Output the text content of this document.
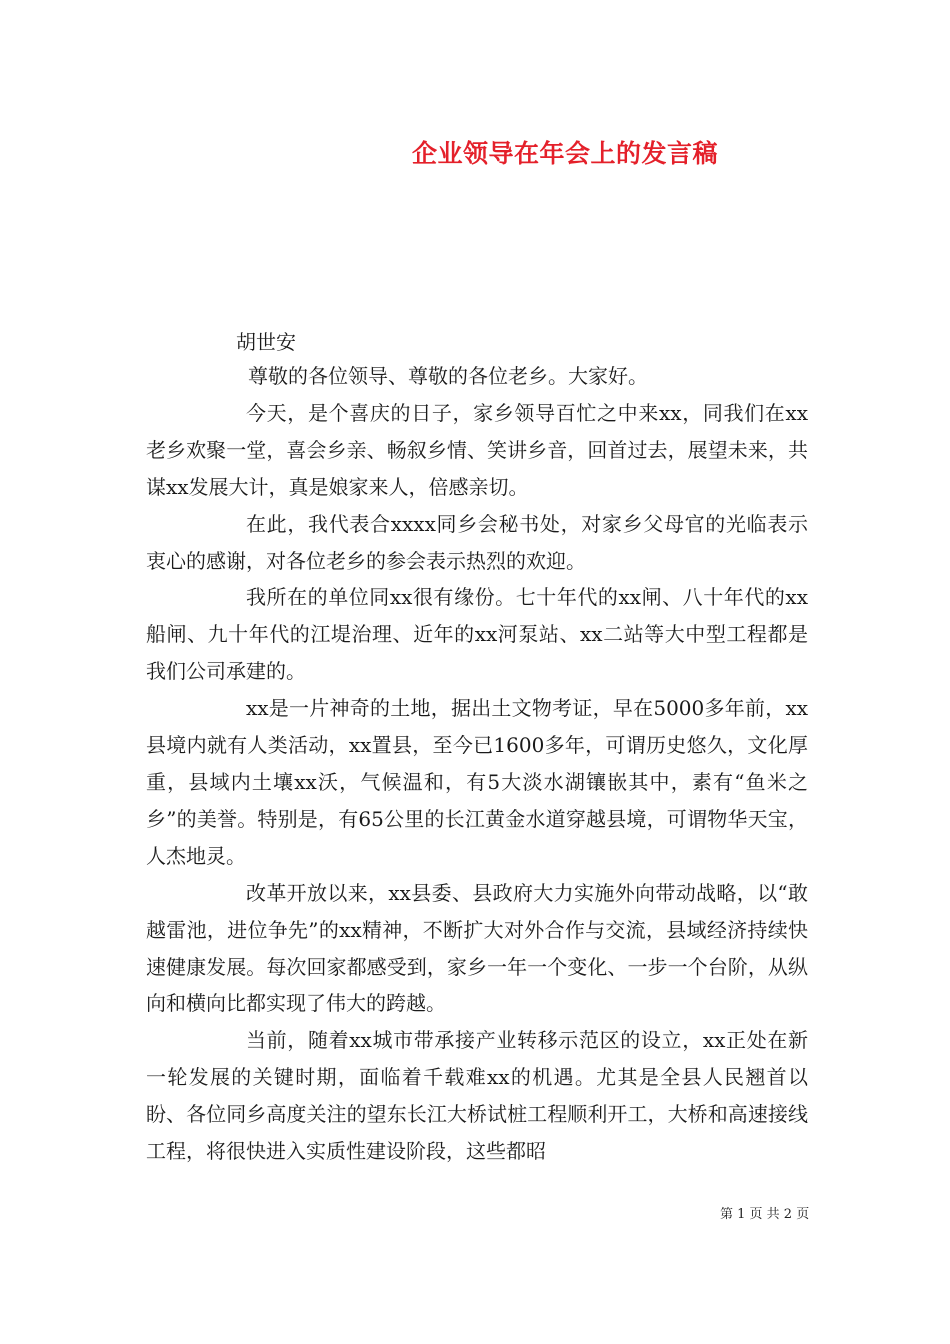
企业领导在年会上的发言稿
胡世安

尊敬的各位领导、尊敬的各位老乡。大家好。

今天，是个喜庆的日子，家乡领导百忙之中来xx，同我们在xx老乡欢聚一堂，喜会乡亲、畅叙乡情、笑讲乡音，回首过去，展望未来，共谋xx发展大计，真是娘家来人，倍感亲切。

在此，我代表合xxxx同乡会秘书处，对家乡父母官的光临表示衷心的感谢，对各位老乡的参会表示热烈的欢迎。

我所在的单位同xx很有缘份。七十年代的xx闸、八十年代的xx船闸、九十年代的江堤治理、近年的xx河泵站、xx二站等大中型工程都是我们公司承建的。

xx是一片神奇的土地，据出土文物考证，早在5000多年前，xx县境内就有人类活动，xx置县，至今已1600多年，可谓历史悠久，文化厚重，县域内土壤xx沃，气候温和，有5大淡水湖镶嵌其中，素有“鱼米之乡”的美誉。特别是，有65公里的长江黄金水道穿越县境，可谓物华天宝，人杰地灵。

改革开放以来，xx县委、县政府大力实施外向带动战略，以“敢越雷池，进位争先”的xx精神，不断扩大对外合作与交流，县域经济持续快速健康发展。每次回家都感受到，家乡一年一个变化、一步一个台阶，从纵向和横向比都实现了伟大的跨越。

当前，随着xx城市带承接产业转移示范区的设立，xx正处在新一轮发展的关键时期，面临着千载难xx的机遇。尤其是全县人民翘首以盼、各位同乡高度关注的望东长江大桥试桩工程顺利开工，大桥和高速接线工程，将很快进入实质性建设阶段，这些都昭

第 1 页 共 2 页
